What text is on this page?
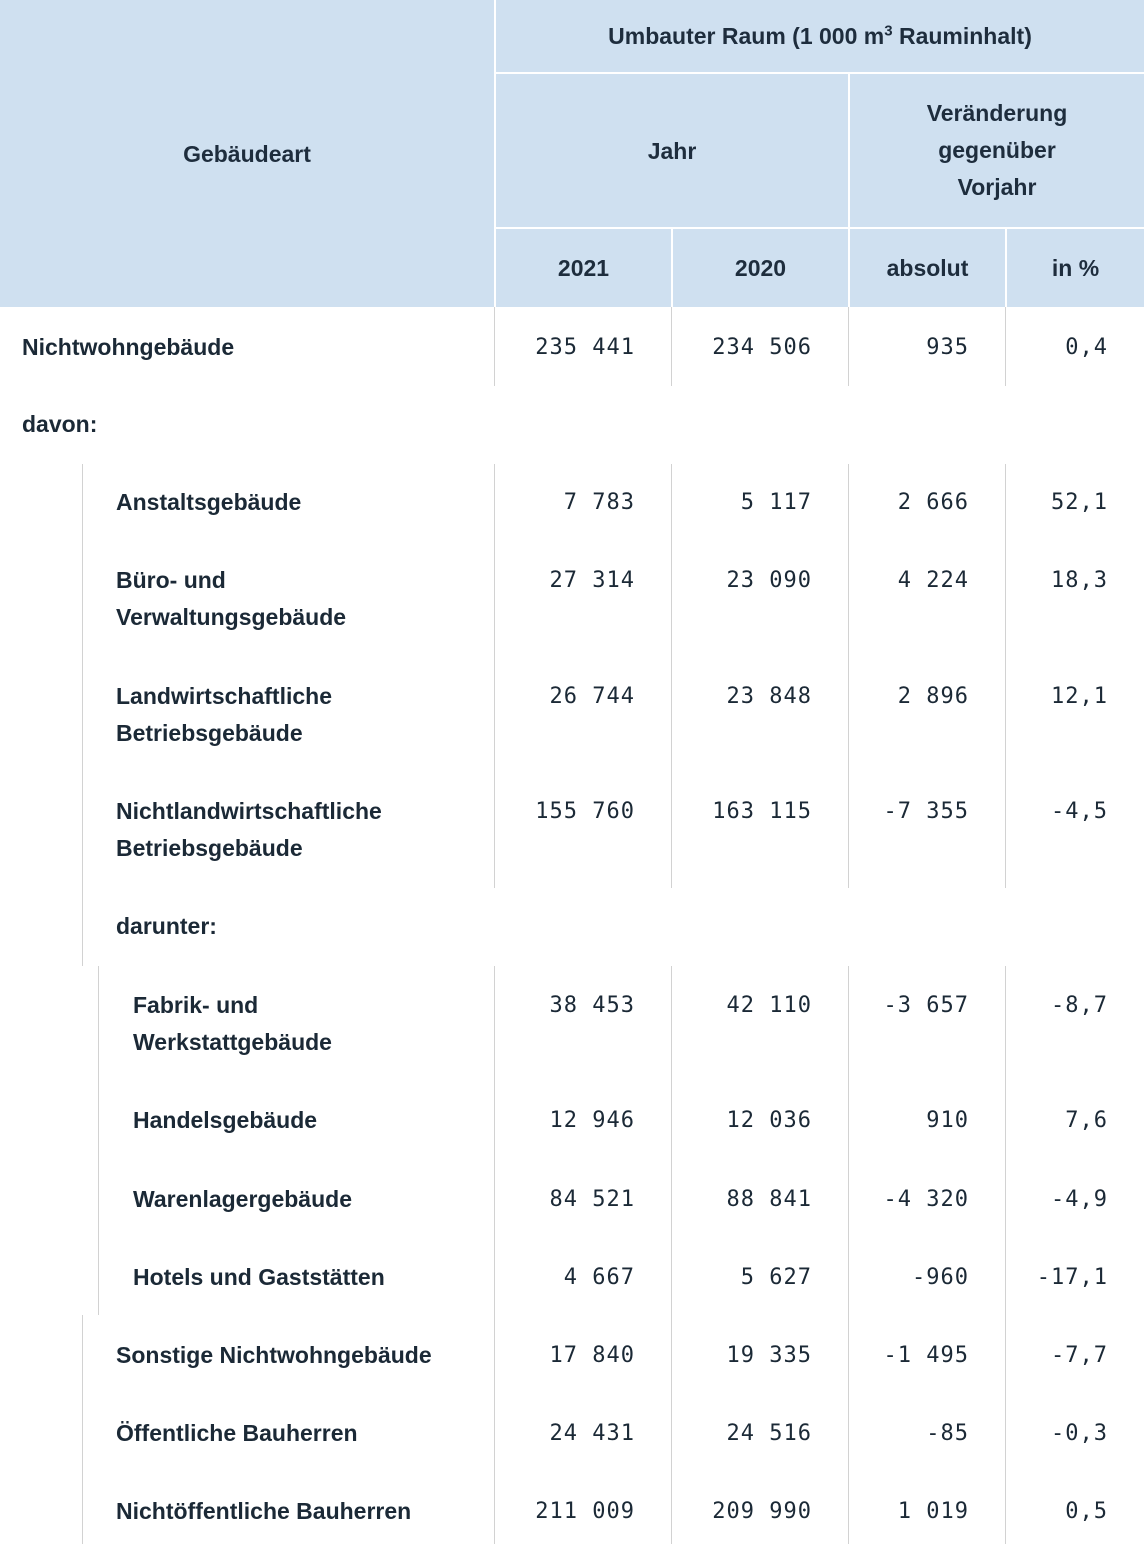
Umbauter Raum (1 000 $m^3$ Rauminhalt)
Gebäudeart	Jahr
Veränderung
gegenüber
Vorjahr
2021	2020	absolut	in %
Nichtwohngebäude	235 441	234 506	935	0,4
davon:
Anstaltsgebäude	7 783	5 117	2 666	52,1
Büro- und
Verwaltungsgebäude
27 314	23 090	4 224	18,3
Landwirtschaftliche
Betriebsgebäude
26 744	23 848	2 896	12,1
Nichtlandwirtschaftliche
Betriebsgebäude
155 760	163 115	-7 355	-4,5
darunter:
Fabrik- und
Werkstattgebäude
38 453	42 110	-3 657	-8,7
Handelsgebäude	12 946	12 036	910	7,6
Warenlagergebäude	84 521	88 841	-4 320	-4,9
Hotels und Gaststätten	4 667	5 627	-960	-17,1
Sonstige Nichtwohngebäude	17 840	19 335	-1 495	-7,7
Öffentliche Bauherren	24 431	24 516	-85	-0,3
Nichtöffentliche Bauherren	211 009	209 990	1 019	0,5
